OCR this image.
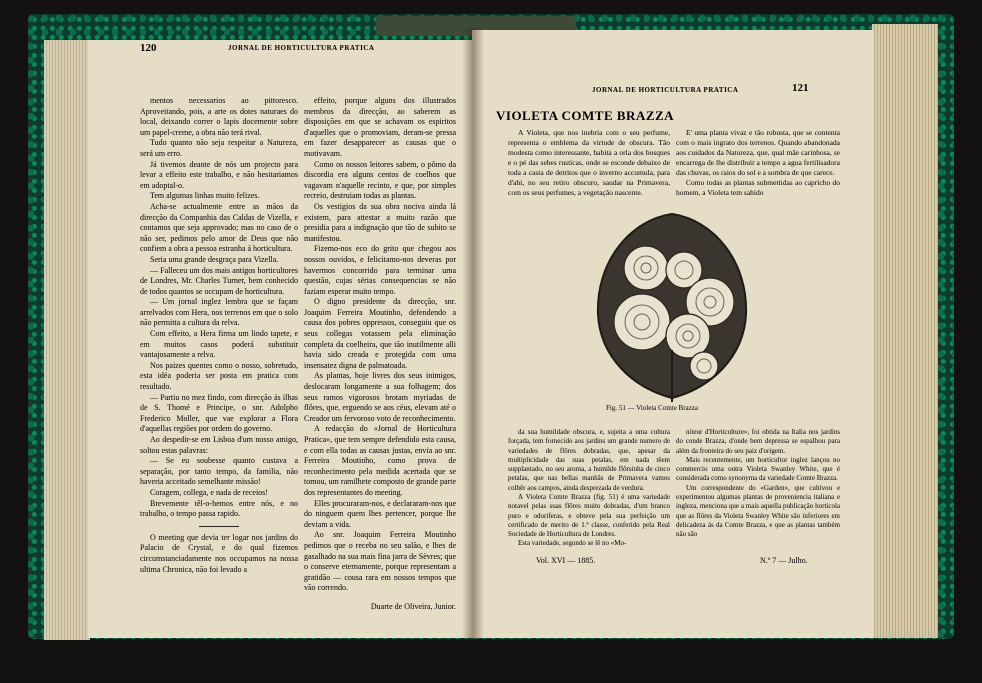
120	JORNAL DE HORTICULTURA PRATICA

mentos necessarios ao pittoresco. Aproveitando, pois, a arte os dotes naturaes do local, deixando correr o lapis docemente sobre um papel-creme, a obra não terá rival.

Tudo quanto não seja respeitar a Natureza, será um erro.

Já tivemos deante de nós um projecto para levar a effeito este trabalho, e não hesitariamos em adoptal-o.

Tem algumas linhas muito felizes.

Acha-se actualmente entre as mãos da direcção da Companhia das Caldas de Vizella, e contamos que seja approvado; mas no caso de o não ser, pedimos pelo amor de Deus que não confiem a obra a pessoa estranha á horticultura.

Seria uma grande desgraça para Vizella.

— Falleceu um dos mais antigos horticultores de Londres, Mr. Charles Turner, bem conhecido de todos quantos se occupam de horticultura.

— Um jornal inglez lembra que se façam arrelvados com Hera, nos terrenos em que o solo não permitta a cultura da relva.

Com effeito, a Hera firma um lindo tapete, e em muitos casos poderá substituir vantajosamente a relva.

Nos paizes quentes como o nosso, sobretudo, esta idéa poderia ser posta em pratica com resultado.

— Partiu no mez findo, com direcção ás ilhas de S. Thomé e Principe, o snr. Adolpho Frederico Moller, que vae explorar a Flora d'aquellas regiões por ordem do governo.

Ao despedir-se em Lisboa d'um nosso amigo, soltou estas palavras:

— Se eu soubesse quanto custava a separação, por tanto tempo, da familia, não haveria acceitado semelhante missão!

Coragem, collega, e nada de receios!

Brevemente têl-o-hemos entre nós, e no trabalho, o tempo passa rapido.

O meeting que devia ter logar nos jardins do Palacio de Crystal, e do qual fizemos circumstanciadamente nos occupamos na nossa ultima Chronica, não foi levado a

effeito, porque alguns dos illustrados membros da direcção, ao saberem as disposições em que se achavam os espiritos d'aquelles que o promoviam, deram-se pressa em fazer desapparecer as causas que o motivavam.

Como os nossos leitores sabem, o pômo da discordia era alguns centos de coelhos que vagavam n'aquelle recinto, e que, por simples recreio, destruiam todas as plantas.

Os vestigios da sua obra nociva ainda lá existem, para attestar a muito razão que presidia para a indignação que tão de subito se manifestou.

Fizemo-nos eco do grito que chegou aos nossos ouvidos, e felicitamo-nos deveras por havermos concorrido para terminar uma questão, cujas sérias consequencias se não faziam esperar muito tempo.

O digno presidente da direcção, snr. Joaquim Ferreira Moutinho, defendendo a causa dos pobres oppressos, conseguiu que os seus collegas votassem pela eliminação completa da coelheira, que tão inutilmente alli havia sido creada e protegida com uma insensatez digna de palmatoada.

As plantas, hoje livres dos seus inimigos, deslocaram longamente a sua folhagem; dos seus ramos vigorosos brotam myriadas de flôres, que, erguendo se aos céus, elevam até o Creador um fervoroso voto de reconhecimento.

A redacção do «Jornal de Horticultura Pratica», que tem sempre defendido esta causa, e com ella todas as causas justas, envia ao snr. Ferreira Moutinho, como prova de reconhecimento pela medida acertada que se tomou, um ramilhete composto de grande parte dos representantes do meeting.

Elles procuraram-nos, e declararam-nos que do ninguem quem lhes pertencer, porque lhe deviam a vida.

Ao snr. Joaquim Ferreira Moutinho pedimos que o receba no seu salão, e lhes de gasalhado na sua mais fina jarra de Sèvres; que o conserve eternamente, porque representam a gratidão — cousa rara em nossos tempos que vão correndo.

Duarte de Oliveira, Junior.
JORNAL DE HORTICULTURA PRATICA	121
VIOLETA COMTE BRAZZA

A Violeta, que nos inebria com o seu perfume, representa o emblema da virtude de obscura. Tão modesta como interessante, habita a orla dos bosques e o pé das sebes rusticas, onde se esconde debaixo de toda a casta de detritos que o inverno accumula, para d'ahi, no seu retiro obscuro, saudar na Primavera, com os seus perfumes, a vegetação nascente.

E' uma planta vivaz e tão robusta, que se contenta com o mais ingrato dos terrenos. Quando abandonada aos cuidados da Natureza, que, qual mãe carinhosa, se encarrega de lhe distribuir a tempo a agua fertilisadora das chuvas, os raios do sol e a sombra de que carece.

Como todas as plantas submettidas ao capricho do homem, a Violeta tem sahido

Fig. 51 — Violeta Comte Brazza

da sua humildade obscura, e, sujeita a uma cultura forçada, tem fornecido aos jardins um grande numero de variedades de flôres dobradas, que, apesar da multiplicidade das suas petalas, em nada têem supplantado, no seu aroma, a humilde flôrsinha de cinco petalas, que nas bellas manhãs de Primavera vamos colhêr aos campos, ainda desprezada de verdura.

A Violeta Comte Brazza (fig. 51) é uma variedade notavel pelas suas flôres muito dobradas, d'um branco puro e odoriferas, e obteve pela sua perfeição um certificado de merito de 1.ª classe, conferido pela Real Sociedade de Horticultura de Londres.

Esta variedade, segundo se lê no «Mo-

niteur d'Horticulture», foi obtida na Italia nos jardins do conde Brazza, d'onde bem depressa se espalhou para além da fronteira do seu paiz d'origem.

Mais recentemente, um horticultor inglez lançou no commercio uma outra Violeta Swanley White, que é considerada como synonyma da variedade Comte Brazza.

Um correspondente do «Garden», que cultivou e experimentou algumas plantas de proveniencia italiana e ingleza, menciona que a mais aquella publicação horticola que as flôres da Violeta Swanley White são inferiores em delicadeza ás da Comte Brazza, e que as plantas também não são

Vol. XVI — 1885.	N.º 7 — Julho.
